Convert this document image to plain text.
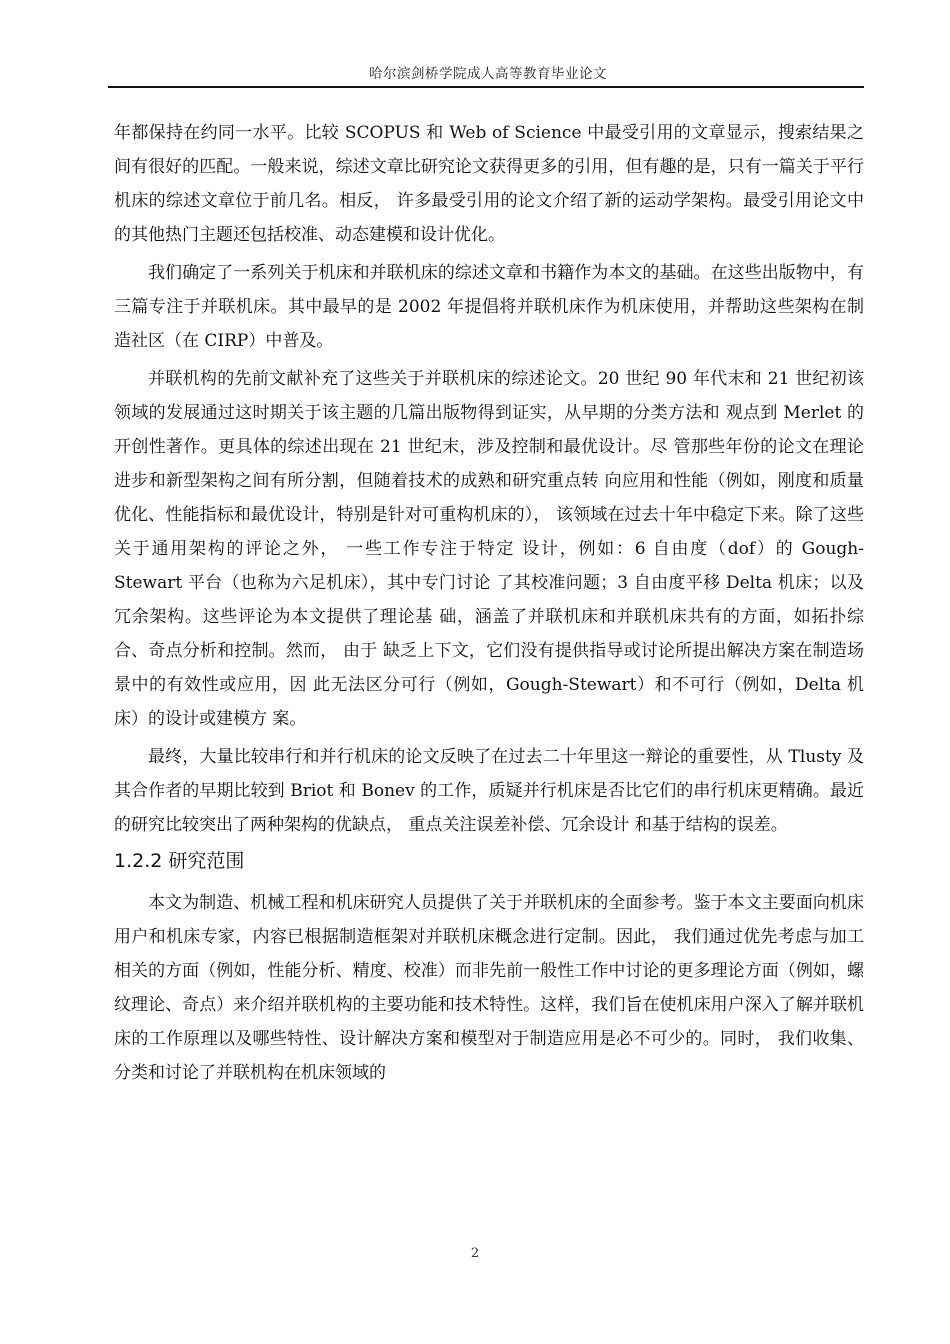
哈尔滨剑桥学院成人高等教育毕业论文

年都保持在约同一水平。比较 SCOPUS 和 Web of Science 中最受引用的文章显示，搜索结果之间有很好的匹配。一般来说，综述文章比研究论文获得更多的引用，但有趣的是，只有一篇关于平行机床的综述文章位于前几名。相反， 许多最受引用的论文介绍了新的运动学架构。最受引用论文中的其他热门主题还包括校准、动态建模和设计优化。

我们确定了一系列关于机床和并联机床的综述文章和书籍作为本文的基础。在这些出版物中，有三篇专注于并联机床。其中最早的是 2002 年提倡将并联机床作为机床使用，并帮助这些架构在制造社区（在 CIRP）中普及。

并联机构的先前文献补充了这些关于并联机床的综述论文。20 世纪 90 年代末和 21 世纪初该领域的发展通过这时期关于该主题的几篇出版物得到证实，从早期的分类方法和 观点到 Merlet 的开创性著作。更具体的综述出现在 21 世纪末，涉及控制和最优设计。尽 管那些年份的论文在理论进步和新型架构之间有所分割，但随着技术的成熟和研究重点转 向应用和性能（例如，刚度和质量优化、性能指标和最优设计，特别是针对可重构机床的）， 该领域在过去十年中稳定下来。除了这些关于通用架构的评论之外， 一些工作专注于特定 设计，例如：6 自由度（dof）的 Gough-Stewart 平台（也称为六足机床），其中专门讨论 了其校准问题；3 自由度平移 Delta 机床；以及冗余架构。这些评论为本文提供了理论基 础，涵盖了并联机床和并联机床共有的方面，如拓扑综合、奇点分析和控制。然而， 由于 缺乏上下文，它们没有提供指导或讨论所提出解决方案在制造场景中的有效性或应用，因 此无法区分可行（例如，Gough-Stewart）和不可行（例如，Delta 机床）的设计或建模方 案。

最终，大量比较串行和并行机床的论文反映了在过去二十年里这一辩论的重要性，从 Tlusty 及其合作者的早期比较到 Briot 和 Bonev 的工作，质疑并行机床是否比它们的串行机床更精确。最近的研究比较突出了两种架构的优缺点， 重点关注误差补偿、冗余设计 和基于结构的误差。

1.2.2 研究范围

本文为制造、机械工程和机床研究人员提供了关于并联机床的全面参考。鉴于本文主要面向机床用户和机床专家，内容已根据制造框架对并联机床概念进行定制。因此， 我们通过优先考虑与加工相关的方面（例如，性能分析、精度、校准）而非先前一般性工作中讨论的更多理论方面（例如，螺纹理论、奇点）来介绍并联机构的主要功能和技术特性。这样，我们旨在使机床用户深入了解并联机床的工作原理以及哪些特性、设计解决方案和模型对于制造应用是必不可少的。同时， 我们收集、分类和讨论了并联机构在机床领域的

2
